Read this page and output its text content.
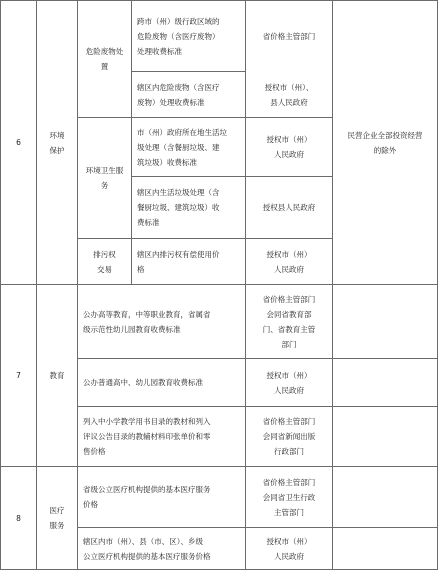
6
环境
保护
危险废物处
置
跨市（州）级行政区域的
危险废物（含医疗废物）
处理收费标准
省价格主管部门
辖区内危险废物（含医疗
废物）处理收费标准
授权市（州）、
县人民政府
环境卫生服
务
市（州）政府所在地生活垃
圾处理（含餐厨垃圾、建
筑垃圾）收费标准
授权市（州）
人民政府
辖区内生活垃圾处理（含
餐厨垃圾、建筑垃圾）收
费标准
授权县人民政府
排污权
交易
辖区内排污权有偿使用价
格
授权市（州）
人民政府
民营企业全部投资经营
的除外
7	教育
公办高等教育，中等职业教育，省属省
级示范性幼儿园教育收费标准
省价格主管部门
会同省教育部
门、省教育主管
部门
公办普通高中、幼儿园教育收费标准
授权市（州）
人民政府
列入中小学教学用书目录的教材和列入
评议公告目录的教辅材料印张单价和零
售价格
省价格主管部门
会同省新闻出版
行政部门
8
医疗
服务
省级公立医疗机构提供的基本医疗服务
价格
省价格主管部门
会同省卫生行政
主管部门
辖区内市（州）、县（市、区）、乡级
公立医疗机构提供的基本医疗服务价格
授权市（州）
人民政府
